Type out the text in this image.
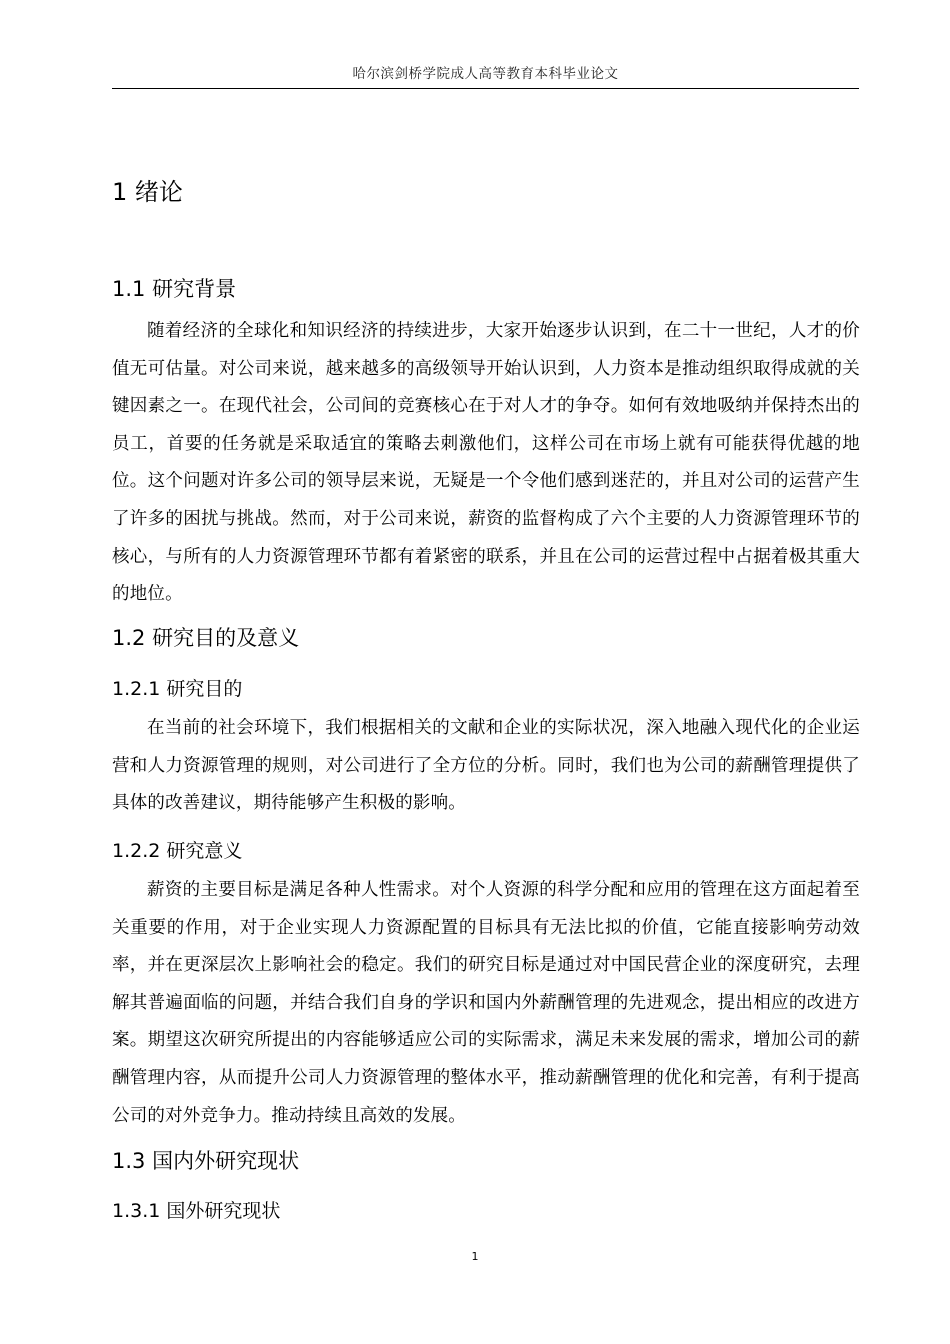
哈尔滨剑桥学院成人高等教育本科毕业论文
1 绪论
1.1 研究背景

随着经济的全球化和知识经济的持续进步，大家开始逐步认识到，在二十一世纪，人才的价值无可估量。对公司来说，越来越多的高级领导开始认识到，人力资本是推动组织取得成就的关键因素之一。在现代社会，公司间的竞赛核心在于对人才的争夺。如何有效地吸纳并保持杰出的员工，首要的任务就是采取适宜的策略去刺激他们，这样公司在市场上就有可能获得优越的地位。这个问题对许多公司的领导层来说，无疑是一个令他们感到迷茫的，并且对公司的运营产生了许多的困扰与挑战。然而，对于公司来说，薪资的监督构成了六个主要的人力资源管理环节的核心，与所有的人力资源管理环节都有着紧密的联系，并且在公司的运营过程中占据着极其重大的地位。

1.2 研究目的及意义
1.2.1 研究目的

在当前的社会环境下，我们根据相关的文献和企业的实际状况，深入地融入现代化的企业运营和人力资源管理的规则，对公司进行了全方位的分析。同时，我们也为公司的薪酬管理提供了具体的改善建议，期待能够产生积极的影响。

1.2.2 研究意义

薪资的主要目标是满足各种人性需求。对个人资源的科学分配和应用的管理在这方面起着至关重要的作用，对于企业实现人力资源配置的目标具有无法比拟的价值，它能直接影响劳动效率，并在更深层次上影响社会的稳定。我们的研究目标是通过对中国民营企业的深度研究，去理解其普遍面临的问题，并结合我们自身的学识和国内外薪酬管理的先进观念，提出相应的改进方案。期望这次研究所提出的内容能够适应公司的实际需求，满足未来发展的需求，增加公司的薪酬管理内容，从而提升公司人力资源管理的整体水平，推动薪酬管理的优化和完善，有利于提高公司的对外竞争力。推动持续且高效的发展。

1.3 国内外研究现状
1.3.1 国外研究现状
1
